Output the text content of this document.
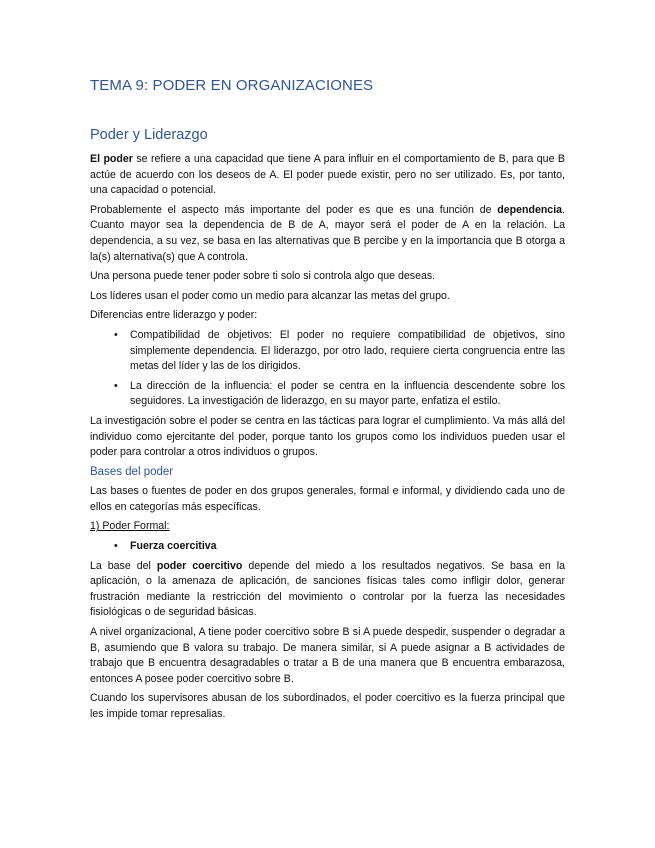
TEMA 9: PODER EN ORGANIZACIONES
Poder y Liderazgo

El poder se refiere a una capacidad que tiene A para influir en el comportamiento de B, para que B actúe de acuerdo con los deseos de A. El poder puede existir, pero no ser utilizado. Es, por tanto, una capacidad o potencial.

Probablemente el aspecto más importante del poder es que es una función de dependencia. Cuanto mayor sea la dependencia de B de A, mayor será el poder de A en la relación. La dependencia, a su vez, se basa en las alternativas que B percibe y en la importancia que B otorga a la(s) alternativa(s) que A controla.

Una persona puede tener poder sobre ti solo si controla algo que deseas.

Los líderes usan el poder como un medio para alcanzar las metas del grupo.

Diferencias entre liderazgo y poder:

• Compatibilidad de objetivos: El poder no requiere compatibilidad de objetivos, sino simplemente dependencia. El liderazgo, por otro lado, requiere cierta congruencia entre las metas del líder y las de los dirigidos.
• La dirección de la influencia: el poder se centra en la influencia descendente sobre los seguidores. La investigación de liderazgo, en su mayor parte, enfatiza el estilo.

La investigación sobre el poder se centra en las tácticas para lograr el cumplimiento. Va más allá del individuo como ejercitante del poder, porque tanto los grupos como los individuos pueden usar el poder para controlar a otros individuos o grupos.

Bases del poder

Las bases o fuentes de poder en dos grupos generales, formal e informal, y dividiendo cada uno de ellos en categorías más específicas.

1) Poder Formal:

• Fuerza coercitiva

La base del poder coercitivo depende del miedo a los resultados negativos. Se basa en la aplicación, o la amenaza de aplicación, de sanciones físicas tales como infligir dolor, generar frustración mediante la restricción del movimiento o controlar por la fuerza las necesidades fisiológicas o de seguridad básicas.

A nivel organizacional, A tiene poder coercitivo sobre B si A puede despedir, suspender o degradar a B, asumiendo que B valora su trabajo. De manera similar, si A puede asignar a B actividades de trabajo que B encuentra desagradables o tratar a B de una manera que B encuentra embarazosa, entonces A posee poder coercitivo sobre B.

Cuando los supervisores abusan de los subordinados, el poder coercitivo es la fuerza principal que les impide tomar represalias.
